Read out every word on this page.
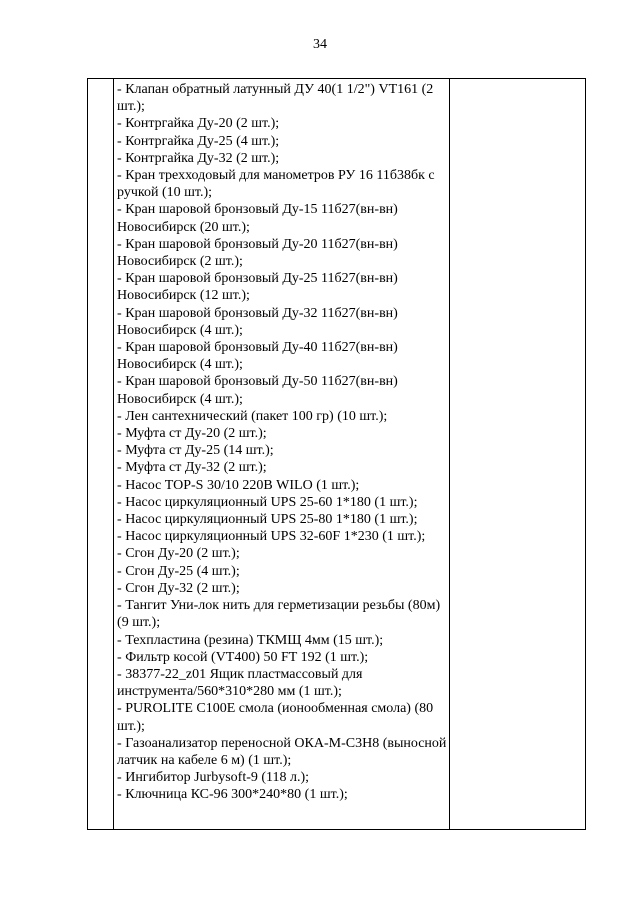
34

- Клапан обратный латунный ДУ 40(1 1/2") VT161 (2 шт.);
- Контргайка Ду-20 (2 шт.);
- Контргайка Ду-25 (4 шт.);
- Контргайка Ду-32 (2 шт.);
- Кран трехходовый для манометров РУ 16 11б38бк с ручкой (10 шт.);
- Кран шаровой бронзовый Ду-15 11б27(вн-вн) Новосибирск (20 шт.);
- Кран шаровой бронзовый Ду-20 11б27(вн-вн) Новосибирск (2 шт.);
- Кран шаровой бронзовый Ду-25 11б27(вн-вн) Новосибирск (12 шт.);
- Кран шаровой бронзовый Ду-32 11б27(вн-вн) Новосибирск (4 шт.);
- Кран шаровой бронзовый Ду-40 11б27(вн-вн) Новосибирск (4 шт.);
- Кран шаровой бронзовый Ду-50 11б27(вн-вн) Новосибирск (4 шт.);
- Лен сантехнический (пакет 100 гр) (10 шт.);
- Муфта ст Ду-20 (2 шт.);
- Муфта ст Ду-25 (14 шт.);
- Муфта ст Ду-32 (2 шт.);
- Насос TOP-S 30/10 220В WILO (1 шт.);
- Насос циркуляционный UPS 25-60 1*180 (1 шт.);
- Насос циркуляционный UPS 25-80 1*180 (1 шт.);
- Насос циркуляционный UPS 32-60F 1*230 (1 шт.);
- Сгон Ду-20 (2 шт.);
- Сгон Ду-25 (4 шт.);
- Сгон Ду-32 (2 шт.);
- Тангит Уни-лок нить для герметизации резьбы (80м) (9 шт.);
- Техпластина (резина) ТКМЩ 4мм (15 шт.);
- Фильтр косой (VT400) 50 FT 192 (1 шт.);
- 38377-22_z01 Ящик пластмассовый для инструмента/560*310*280 мм (1 шт.);
- PUROLITE C100E смола (ионообменная смола) (80 шт.);
- Газоанализатор переносной ОКА-М-С3Н8 (выносной латчик на кабеле 6 м) (1 шт.);
- Ингибитор Jurbysoft-9 (118 л.);
- Ключница КС-96 300*240*80 (1 шт.);
